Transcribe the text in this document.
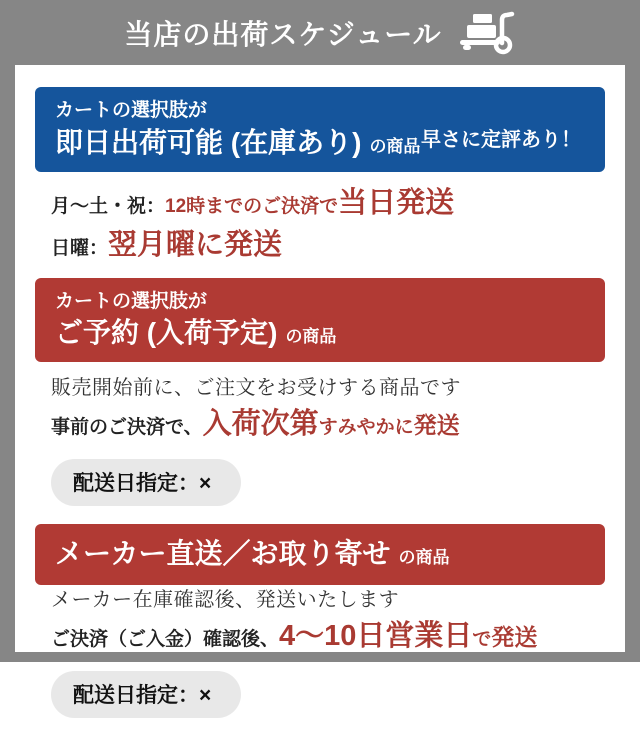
当店の出荷スケジュール
カートの選択肢が
即日出荷可能 (在庫あり) の商品 早さに定評あり！
月〜土・祝：12時までのご決済で当日発送
日曜：翌月曜に発送
カートの選択肢が
ご予約 (入荷予定) の商品
販売開始前に、ご注文をお受けする商品です
事前のご決済で、入荷次第すみやかに発送
配送日指定：×
メーカー直送／お取り寄せ の商品
メーカー在庫確認後、発送いたします
ご決済（ご入金）確認後、4〜10日営業日で発送
配送日指定：×
